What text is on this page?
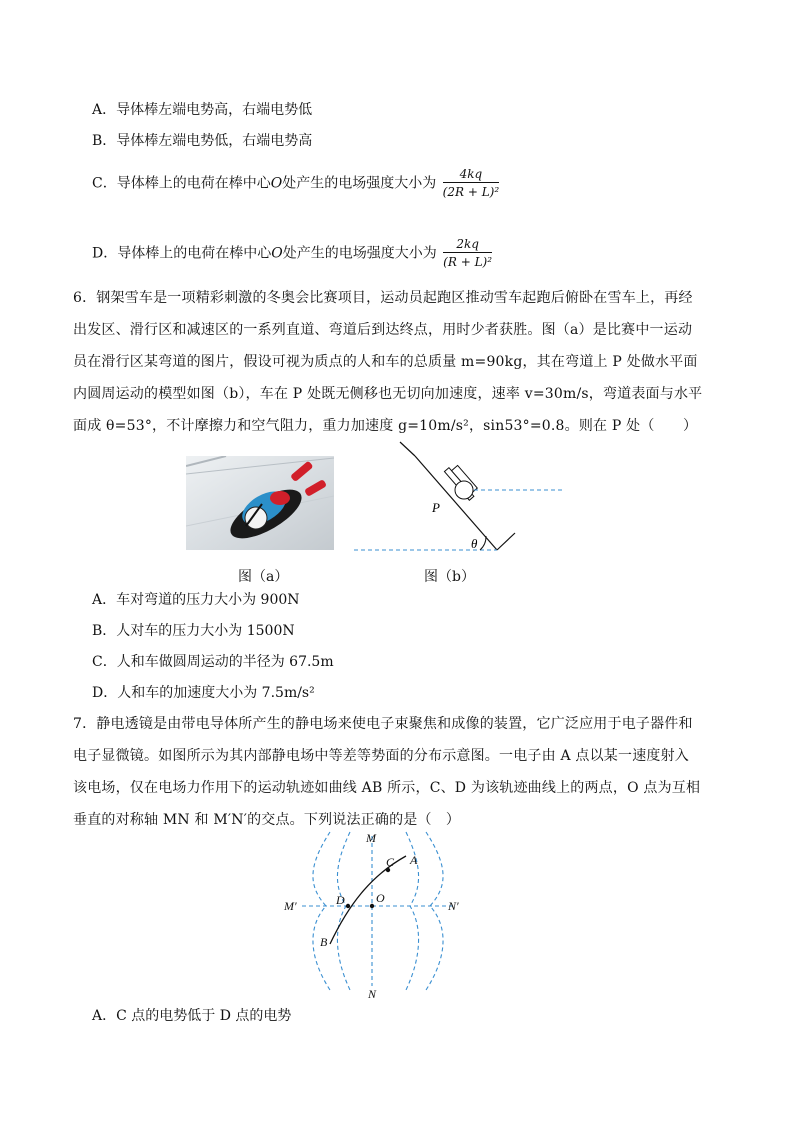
A．导体棒左端电势高，右端电势低
B．导体棒左端电势低，右端电势高
C．导体棒上的电荷在棒中心O处产生的电场强度大小为 $\frac{4kq}{\text{(2R + L)²}}$
D．导体棒上的电荷在棒中心O处产生的电场强度大小为 $\frac{2kq}{\text{(R + L)²}}$
6．钢架雪车是一项精彩刺激的冬奥会比赛项目，运动员起跑区推动雪车起跑后俯卧在雪车上，再经
出发区、滑行区和减速区的一系列直道、弯道后到达终点，用时少者获胜。图（a）是比赛中一运动
员在滑行区某弯道的图片，假设可视为质点的人和车的总质量 m=90kg，其在弯道上 P 处做水平面
内圆周运动的模型如图（b），车在 P 处既无侧移也无切向加速度，速率 v=30m/s，弯道表面与水平
面成 θ=53°，不计摩擦力和空气阻力，重力加速度 g=10m/s²，sin53°=0.8。则在 P 处（　　）
P
θ
图（a）	图（b）
A．车对弯道的压力大小为 900N
B．人对车的压力大小为 1500N
C．人和车做圆周运动的半径为 67.5m
D．人和车的加速度大小为 7.5m/s²
7．静电透镜是由带电导体所产生的静电场来使电子束聚焦和成像的装置，它广泛应用于电子器件和
电子显微镜。如图所示为其内部静电场中等差等势面的分布示意图。一电子由 A 点以某一速度射入
该电场，仅在电场力作用下的运动轨迹如曲线 AB 所示，C、D 为该轨迹曲线上的两点，O 点为互相
垂直的对称轴 MN 和 M′N′的交点。下列说法正确的是（　）
M
N
M′	N′
A
B
C
D	O
A．C 点的电势低于 D 点的电势
